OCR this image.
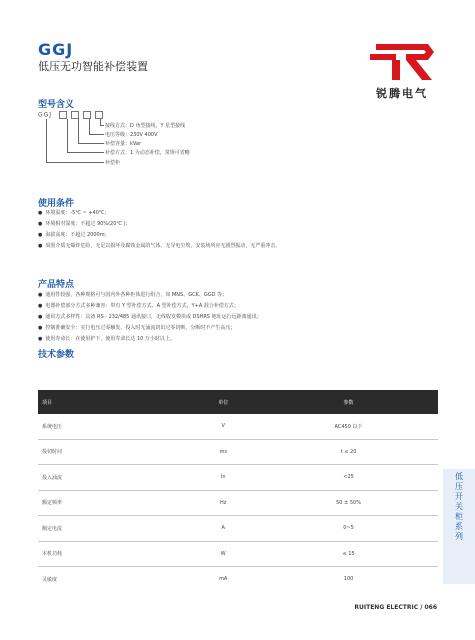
GGJ
低压无功智能补偿装置
锐腾电气
型号含义
GGJ
接线方式：D 角型接线，Y 星型接线
电压等级：230V 400V
补偿容量：kVar
补偿方式：1 为动态补偿，常规可省略
补偿柜
使用条件
● 环境温度：-5℃ ~ +40℃；
● 环境相对湿度：不超过 90%(20℃ )；
● 海拔高度：不超过 2000m；
● 周围介质无爆炸危险，无足以损坏及腐蚀金属的气体、无导电尘埃，安装场所应无剧烈振动，无严重冲击。
产品特点
● 通用性较强，各种规格可与国内外各种柜体进行组合，如 MNS、GCK、GGD 等；
● 电器补偿部分方式多种兼容：带有 Y 型补偿方式，A 型补偿方式，Y+A 混合补偿方式；
● 通讯方式多样性：具备 RS - 232/485 通讯接口，无线收发模块或 DSHRS 地址运行远距离通讯；
● 控制准确安全：实行电压过零触发，投入时无涌流切出过零切断，分断时不产生高压；
● 使用寿命长：在使用护下，使用寿命长达 10 万小时以上。
技术参数
项目	单位	参数
系统电压	V	AC450 以下
投切时间	ms	t ≤ 20
投入涌流	In	<25
额定频率	Hz	50 ± 50%
额定电流	A	0~5
本机功耗	W	≤ 15
灵敏度	mA	100
低
压
开
关
柜
系
列
RUITENG ELECTRIC / 066
